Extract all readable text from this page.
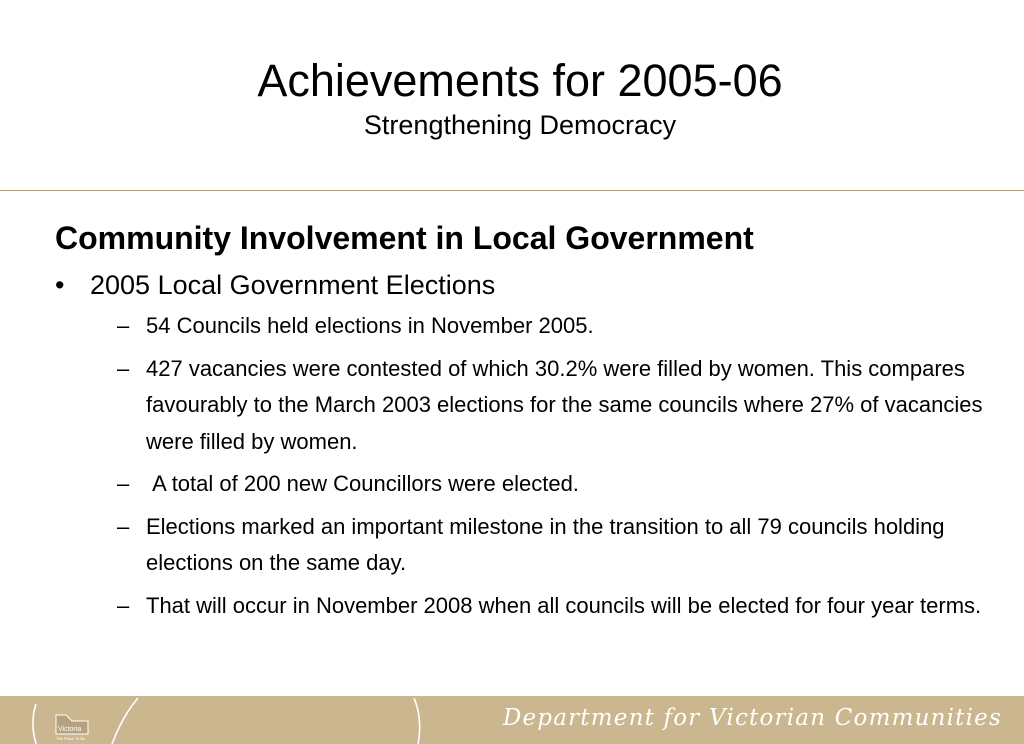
Achievements for 2005-06
Strengthening Democracy
Community Involvement in Local Government
• 2005 Local Government Elections
– 54 Councils held elections in November 2005.
– 427 vacancies were contested of which 30.2% were filled by women. This compares favourably to the March 2003 elections for the same councils where 27% of vacancies were filled by women.
– A total of 200 new Councillors were elected.
– Elections marked an important milestone in the transition to all 79 councils holding elections on the same day.
– That will occur in November 2008 when all councils will be elected for four year terms.
Victoria
The Place To Be
Department for Victorian Communities
